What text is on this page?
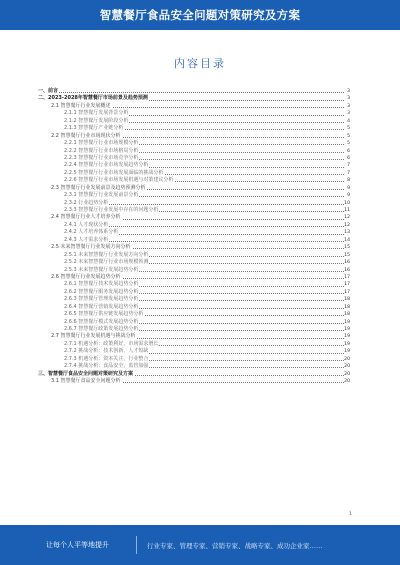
智慧餐厅食品安全问题对策研究及方案
内容目录
一、前言	3
二、2023-2028年智慧餐厅市场前景及趋势预测	3
2.1 智慧餐厅行业发展概述	3
2.1.1 智慧餐厅发展背景分析	3
2.1.2 智慧餐厅发展阶段分析	4
2.1.3 智慧餐厅产业链分析	5
2.2 智慧餐厅行业市场现状分析	5
2.2.1 智慧餐厅行业市场规模分析	5
2.2.2 智慧餐厅行业市场格局分析	6
2.2.3 智慧餐厅行业市场竞争分析	6
2.2.4 智慧餐厅行业市场发展趋势分析	7
2.2.5 智慧餐厅行业市场发展面临的挑战分析	7
2.2.6 智慧餐厅行业市场发展机遇与对策建议分析	8
2.3 智慧餐厅行业发展前景及趋势预测分析	9
2.3.1 智慧餐厅行业发展前景分析	9
2.3.2 行业趋势分析	10
2.3.3 智慧餐厅行业发展中存在的问题分析	11
2.4 智慧餐厅行业人才培养分析	12
2.4.1 人才现状分析	12
2.4.2 人才培养体系分析	13
2.4.3 人才需求分析	14
2.5 未来智慧餐厅行业发展方向分析	15
2.5.1 未来智慧餐厅行业发展方向分析	15
2.5.2 未来智慧餐厅行业市场规模预测	16
2.5.3 未来智慧餐厅发展趋势分析	16
2.6 智慧餐厅行业发展趋势分析	17
2.6.1 智慧餐厅技术发展趋势分析	17
2.6.2 智慧餐厅服务发展趋势分析	17
2.6.3 智慧餐厅管理发展趋势分析	18
2.6.4 智慧餐厅营销发展趋势分析	18
2.6.5 智慧餐厅供应链发展趋势分析	18
2.6.6 智慧餐厅模式发展趋势分析	19
2.6.7 智慧餐厅政策发展趋势分析	19
2.7 智慧餐厅行业发展机遇与挑战分析	19
2.7.1 机遇分析：政策利好，市场需求增长	19
2.7.2 挑战分析：技术创新，人才短缺	19
2.7.3 机遇分析：资本关注，行业整合	20
2.7.4 挑战分析：食品安全，监管加强	20
三、智慧餐厅食品安全问题对策研究及方案	20
3.1 智慧餐厅食品安全问题分析	20
1
让每个人平等地提升	行业专家、管理专家、营销专家、战略专家、成功企业家……
